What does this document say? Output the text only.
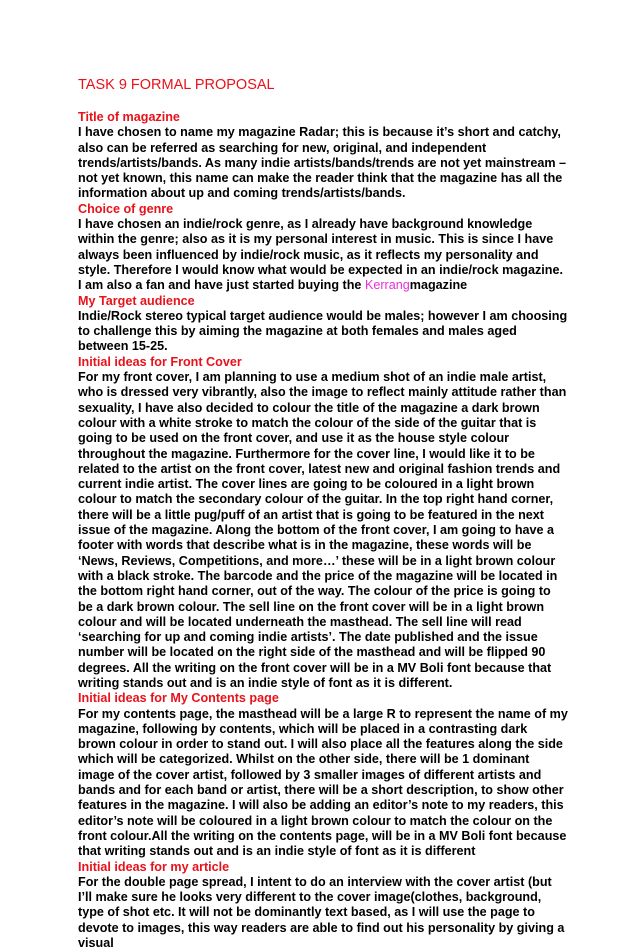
TASK 9 FORMAL PROPOSAL
Title of magazine

I have chosen to name my magazine Radar; this is because it’s short and catchy, also can be referred as searching for new, original, and independent trends/artists/bands. As many indie artists/bands/trends are not yet mainstream – not yet known, this name can make the reader think that the magazine has all the information about up and coming trends/artists/bands.

Choice of genre

I have chosen an indie/rock genre, as I already have background knowledge within the genre; also as it is my personal interest in music. This is since I have always been influenced by indie/rock music, as it reflects my personality and style. Therefore I would know what would be expected in an indie/rock magazine. I am also a fan and have just started buying the Kerrangmagazine

My Target audience

Indie/Rock stereo typical target audience would be males; however I am choosing to challenge this by aiming the magazine at both females and males aged between 15-25.

Initial ideas for Front Cover

For my front cover, I am planning to use a medium shot of an indie male artist, who is dressed very vibrantly, also the image to reflect mainly attitude rather than sexuality, I have also decided to colour the title of the magazine a dark brown colour with a white stroke to match the colour of the side of the guitar that is going to be used on the front cover, and use it as the house style colour throughout the magazine. Furthermore for the cover line, I would like it to be related to the artist on the front cover, latest new and original fashion trends and current indie artist. The cover lines are going to be coloured in a light brown colour to match the secondary colour of the guitar. In the top right hand corner, there will be a little pug/puff of an artist that is going to be featured in the next issue of the magazine. Along the bottom of the front cover, I am going to have a footer with words that describe what is in the magazine, these words will be ‘News, Reviews, Competitions, and more…’ these will be in a light brown colour with a black stroke. The barcode and the price of the magazine will be located in the bottom right hand corner, out of the way. The colour of the price is going to be a dark brown colour. The sell line on the front cover will be in a light brown colour and will be located underneath the masthead. The sell line will read ‘searching for up and coming indie artists’. The date published and the issue number will be located on the right side of the masthead and will be flipped 90 degrees. All the writing on the front cover will be in a MV Boli font because that writing stands out and is an indie style of font as it is different.

Initial ideas for My Contents page

For my contents page, the masthead will be a large R to represent the name of my magazine, following by contents, which will be placed in a contrasting dark brown colour in order to stand out. I will also place all the features along the side which will be categorized. Whilst on the other side, there will be 1 dominant image of the cover artist, followed by 3 smaller images of different artists and bands and for each band or artist, there will be a short description, to show other features in the magazine. I will also be adding an editor’s note to my readers, this editor’s note will be coloured in a light brown colour to match the colour on the front colour.All the writing on the contents page, will be in a MV Boli font because that writing stands out and is an indie style of font as it is different

Initial ideas for my article

For the double page spread, I intent to do an interview with the cover artist (but I’ll make sure he looks very different to the cover image(clothes, background, type of shot etc. It will not be dominantly text based, as I will use the page to devote to images, this way readers are able to find out his personality by giving a visual
